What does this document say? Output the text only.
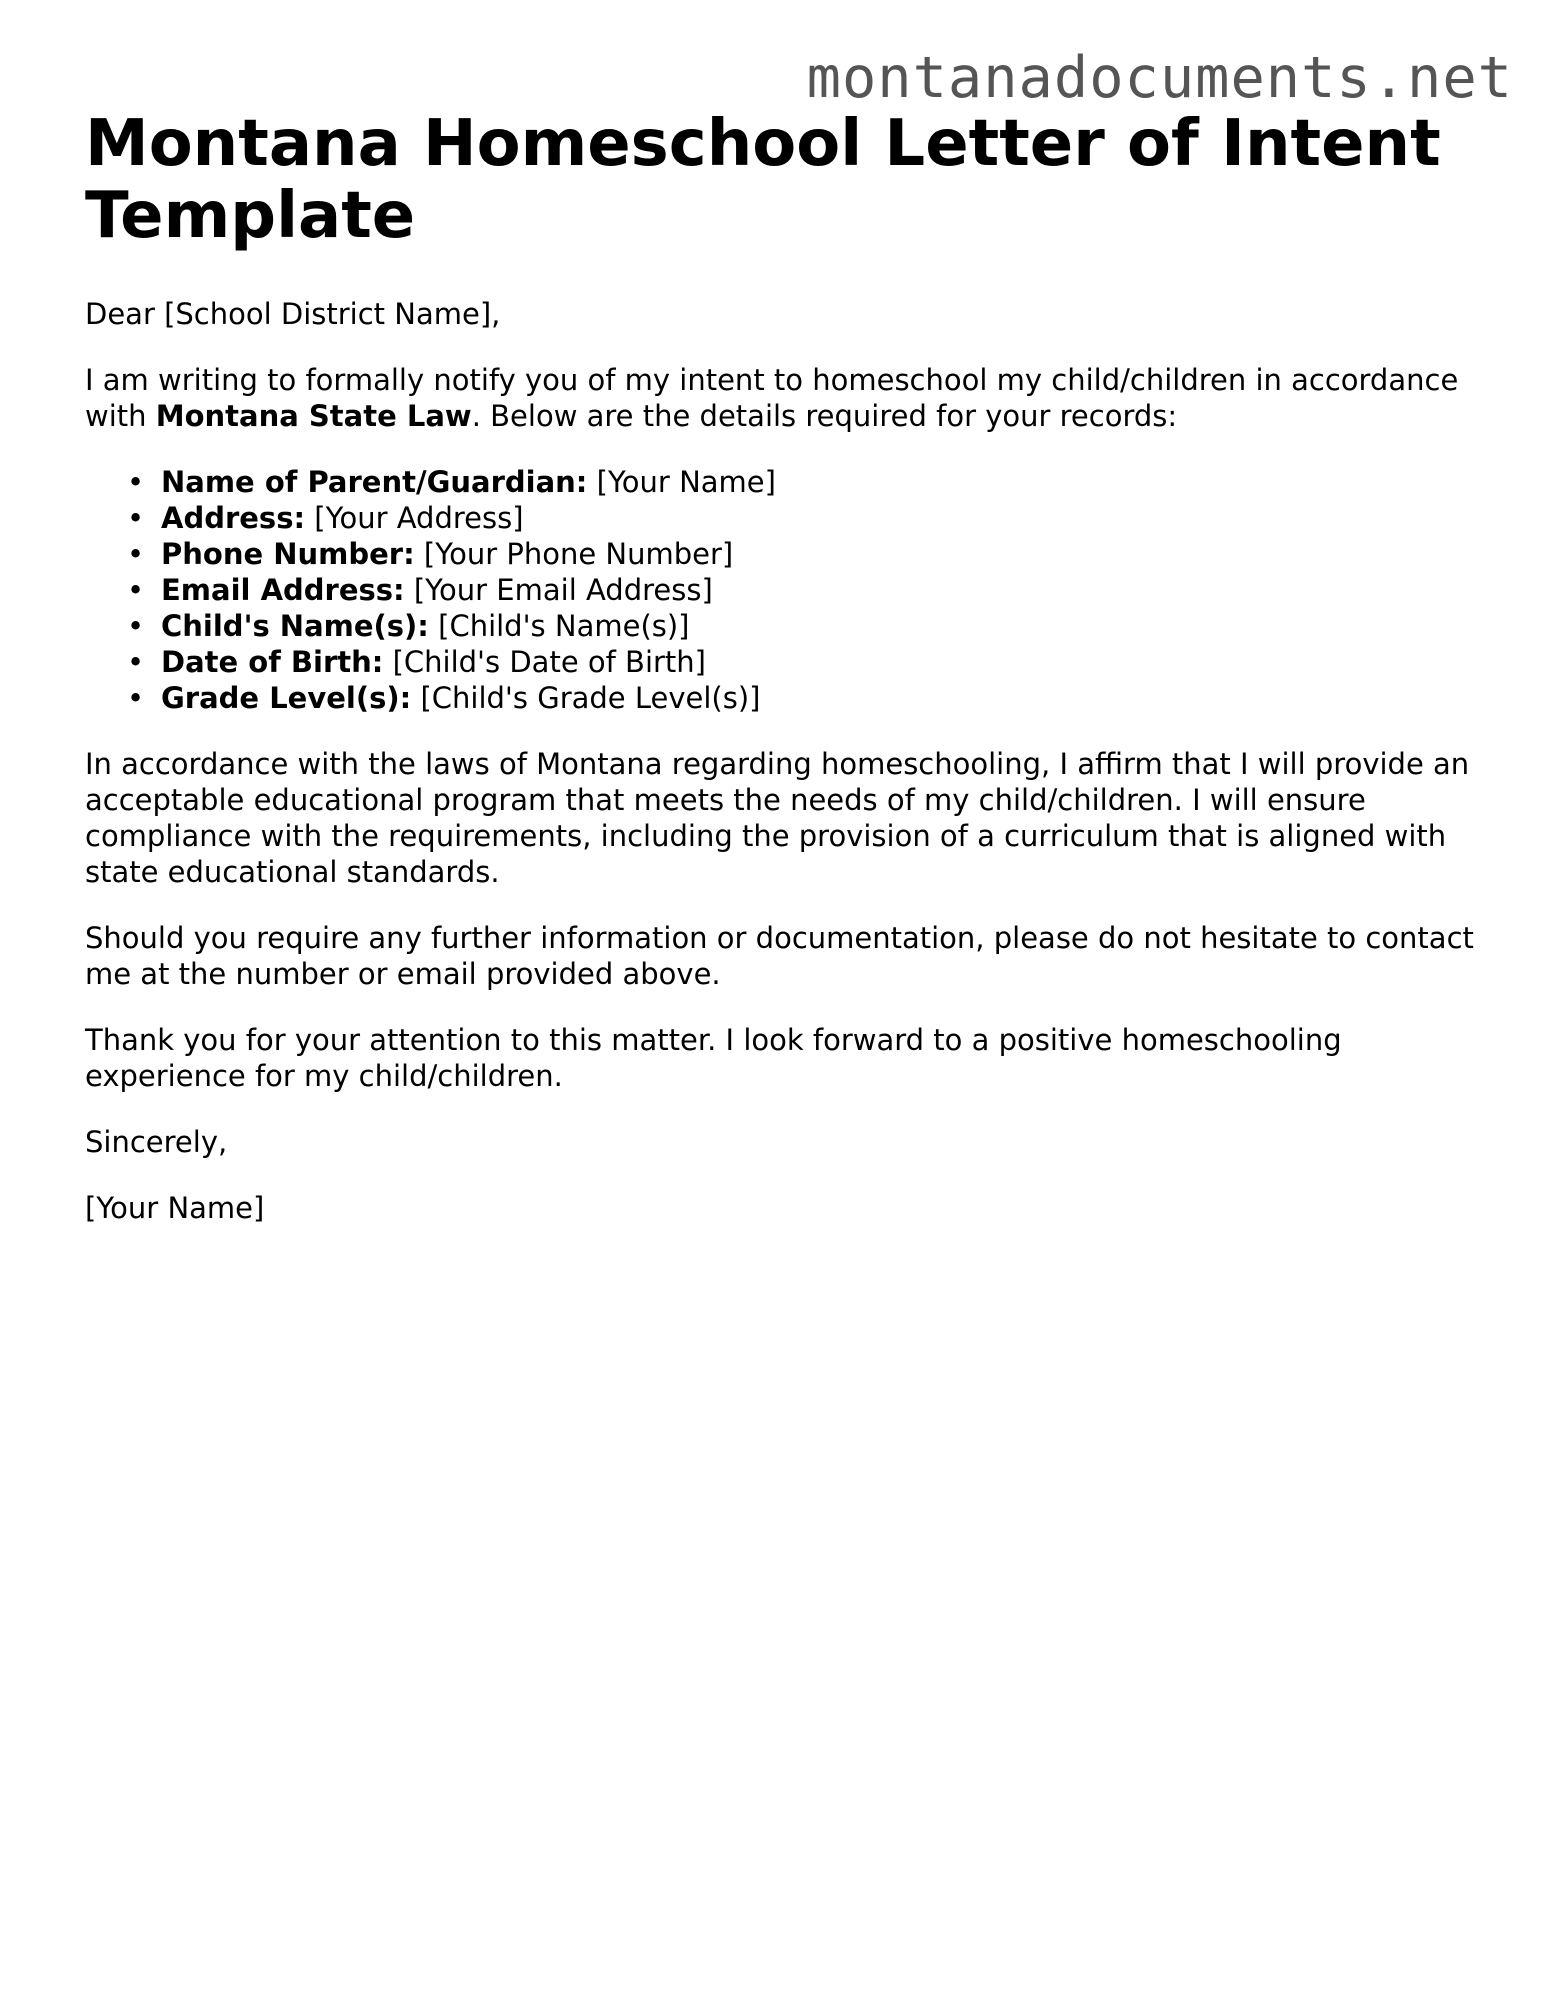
montanadocuments.net
Montana Homeschool Letter of Intent Template

Dear [School District Name],

I am writing to formally notify you of my intent to homeschool my child/children in accordance with Montana State Law. Below are the details required for your records:

• Name of Parent/Guardian: [Your Name]
• Address: [Your Address]
• Phone Number: [Your Phone Number]
• Email Address: [Your Email Address]
• Child's Name(s): [Child's Name(s)]
• Date of Birth: [Child's Date of Birth]
• Grade Level(s): [Child's Grade Level(s)]

In accordance with the laws of Montana regarding homeschooling, I affirm that I will provide an acceptable educational program that meets the needs of my child/children. I will ensure compliance with the requirements, including the provision of a curriculum that is aligned with state educational standards.

Should you require any further information or documentation, please do not hesitate to contact me at the number or email provided above.

Thank you for your attention to this matter. I look forward to a positive homeschooling experience for my child/children.

Sincerely,

[Your Name]
